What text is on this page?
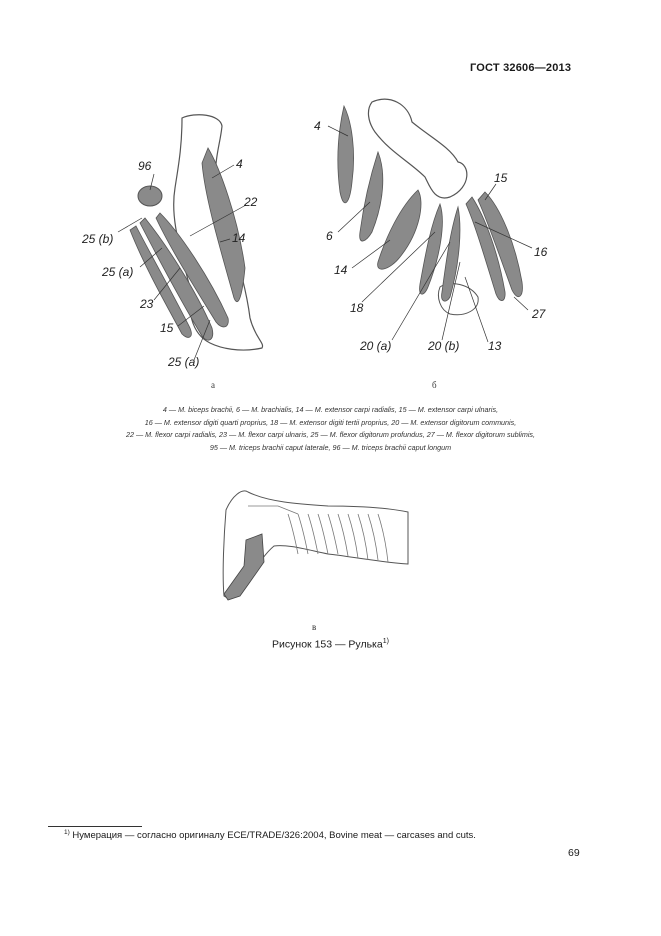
ГОСТ 32606—2013
96	4
22
25 (b)	14
25 (a)
23
15
25 (a)
а
4
15
6
16
14
18	27
20 (a)	20 (b) 13
б
4 — M. biceps brachii, 6 — M. brachialis, 14 — M. extensor carpi radialis, 15 — M. extensor carpi ulnaris,
16 — M. extensor digiti quarti proprius, 18 — M. extensor digiti tertii proprius, 20 — M. extensor digitorum communis,
22 — M. flexor carpi radialis, 23 — M. flexor carpi ulnaris, 25 — M. flexor digitorum profundus, 27 — M. flexor digitorum sublimis,
95 — M. triceps brachii caput laterale, 96 — M. triceps brachii caput longum
в
Рисунок 153 — Рулька$^{1)}$
$^{1)}$ Нумерация — согласно оригиналу ECE/TRADE/326:2004, Bovine meat — carcases and cuts.
69
